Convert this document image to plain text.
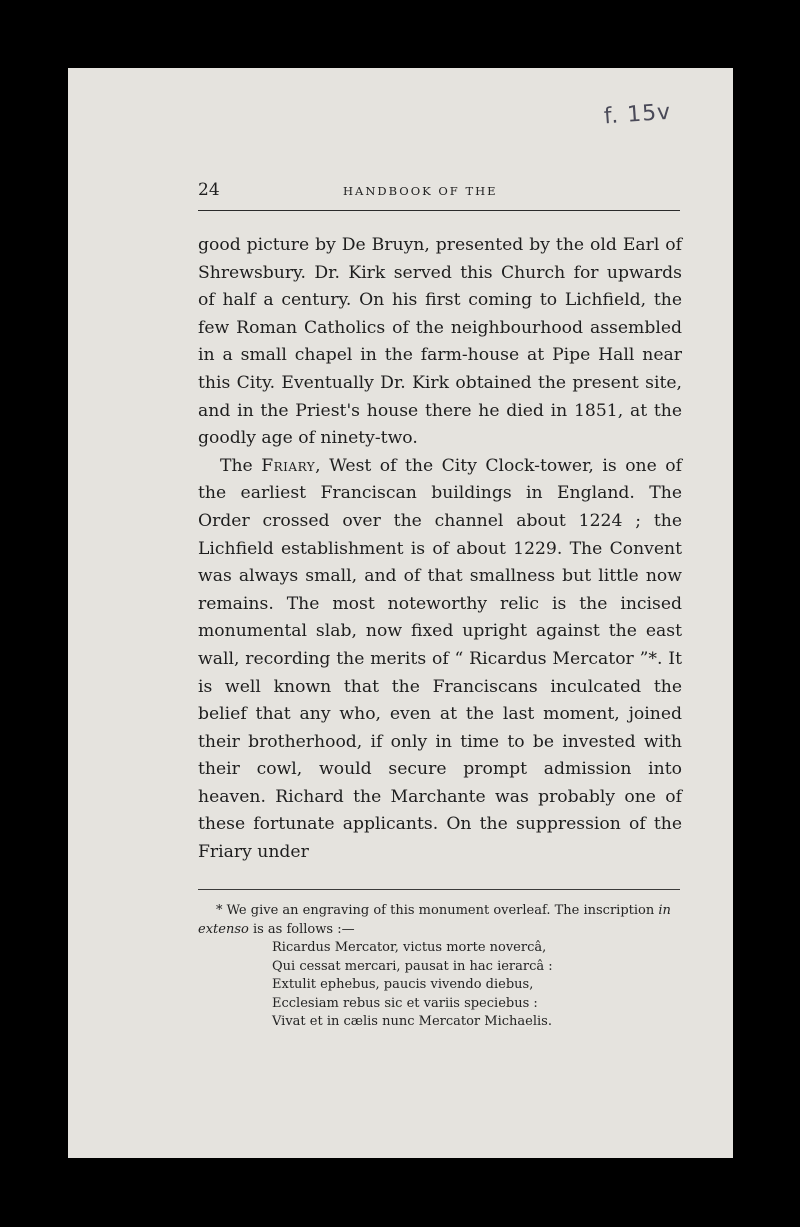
f. 15v
24	HANDBOOK OF THE

good picture by De Bruyn, presented by the old Earl of Shrewsbury. Dr. Kirk served this Church for upwards of half a century. On his first coming to Lichfield, the few Roman Catholics of the neighbourhood assembled in a small chapel in the farm-house at Pipe Hall near this City. Eventually Dr. Kirk obtained the present site, and in the Priest's house there he died in 1851, at the goodly age of ninety-two.

The Friary, West of the City Clock-tower, is one of the earliest Franciscan buildings in England. The Order crossed over the channel about 1224 ; the Lichfield establishment is of about 1229. The Convent was always small, and of that smallness but little now remains. The most noteworthy relic is the incised monumental slab, now fixed upright against the east wall, recording the merits of “ Ricardus Mercator ”*. It is well known that the Franciscans inculcated the belief that any who, even at the last moment, joined their brotherhood, if only in time to be invested with their cowl, would secure prompt admission into heaven. Richard the Marchante was probably one of these fortunate applicants. On the suppression of the Friary under

* We give an engraving of this monument overleaf. The inscription in extenso is as follows :—

Ricardus Mercator, victus morte novercâ,
Qui cessat mercari, pausat in hac ierarcâ :
Extulit ephebus, paucis vivendo diebus,
Ecclesiam rebus sic et variis speciebus :
Vivat et in cælis nunc Mercator Michaelis.
